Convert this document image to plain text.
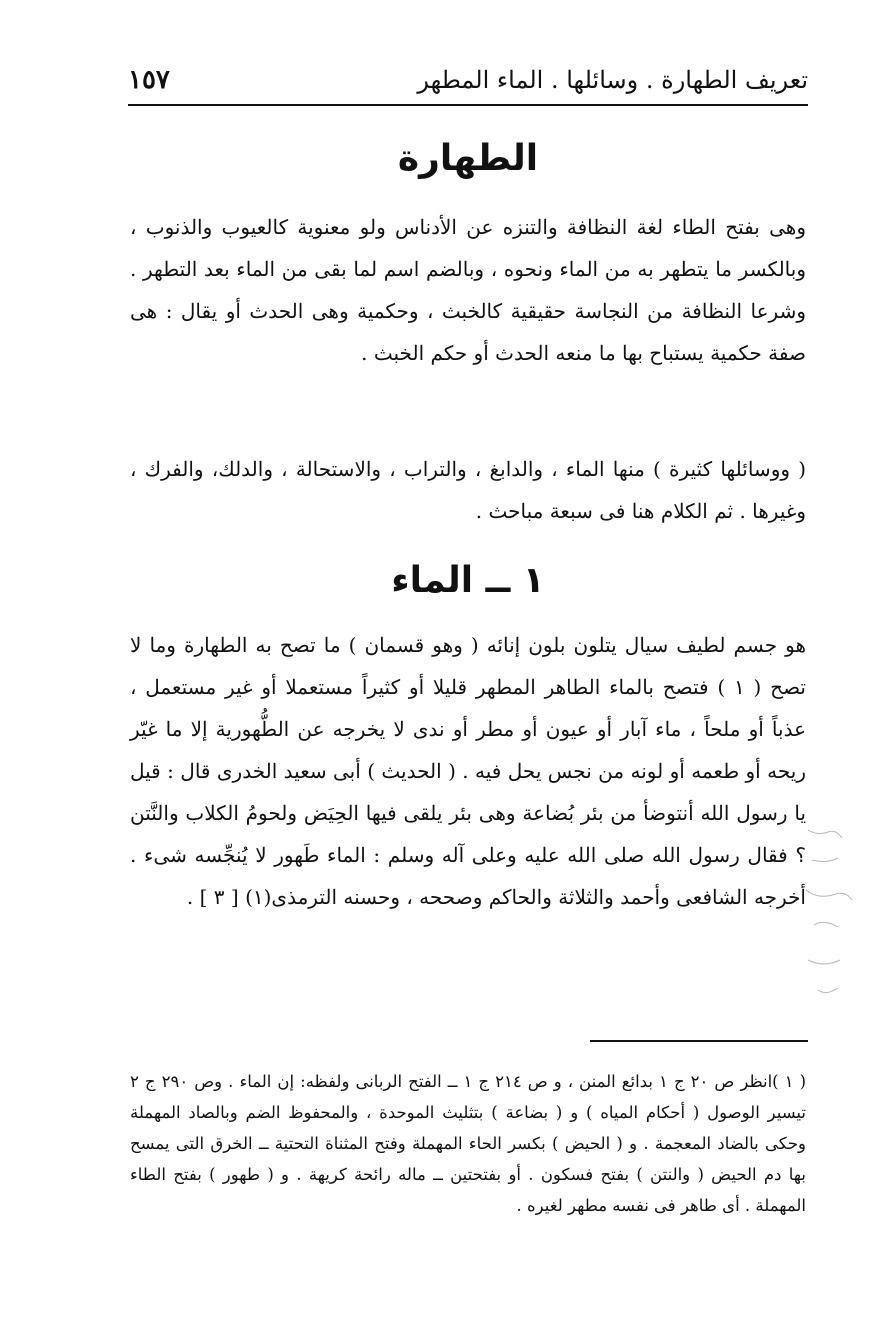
تعريف الطهارة . وسائلها . الماء المطهر
١٥٧
الطهارة

وهى بفتح الطاء لغة النظافة والتنزه عن الأدناس ولو معنوية كالعيوب والذنوب ، وبالكسر ما يتطهر به من الماء ونحوه ، وبالضم اسم لما بقى من الماء بعد التطهر . وشرعا النظافة من النجاسة حقيقية كالخبث ، وحكمية وهى الحدث أو يقال : هى صفة حكمية يستباح بها ما منعه الحدث أو حكم الخبث .

( ووسائلها كثيرة ) منها الماء ، والدابغ ، والتراب ، والاستحالة ، والدلك، والفرك ، وغيرها . ثم الكلام هنا فى سبعة مباحث .

١ ــ الماء

هو جسم لطيف سيال يتلون بلون إنائه ( وهو قسمان ) ما تصح به الطهارة وما لا تصح ( ١ ) فتصح بالماء الطاهر المطهر قليلا أو كثيراً مستعملا أو غير مستعمل ، عذباً أو ملحاً ، ماء آبار أو عيون أو مطر أو ندى لا يخرجه عن الطُّهورية إلا ما غيّر ريحه أو طعمه أو لونه من نجس يحل فيه . ( الحديث ) أبى سعيد الخدرى قال : قيل يا رسول الله أنتوضأ من بئر بُضاعة وهى بئر يلقى فيها الحِيَض ولحومُ الكلاب والنَّتن ؟ فقال رسول الله صلى الله عليه وعلى آله وسلم : الماء طَهور لا يُنجِّسه شىء . أخرجه الشافعى وأحمد والثلاثة والحاكم وصححه ، وحسنه الترمذى(١) [ ٣ ] .

( ١ )انظر ص ٢٠ ج ١ بدائع المنن ، و ص ٢١٤ ج ١ ــ الفتح الربانى ولفظه: إن الماء . وص ٢٩٠ ج ٢ تيسير الوصول ( أحكام المياه ) و ( بضاعة ) بتثليث الموحدة ، والمحفوظ الضم وبالصاد المهملة وحكى بالضاد المعجمة . و ( الحيض ) بكسر الحاء المهملة وفتح المثناة التحتية ــ الخرق التى يمسح بها دم الحيض ( والنتن ) بفتح فسكون . أو بفتحتين ــ ماله رائحة كريهة . و ( طهور ) بفتح الطاء المهملة . أى طاهر فى نفسه مطهر لغيره .
